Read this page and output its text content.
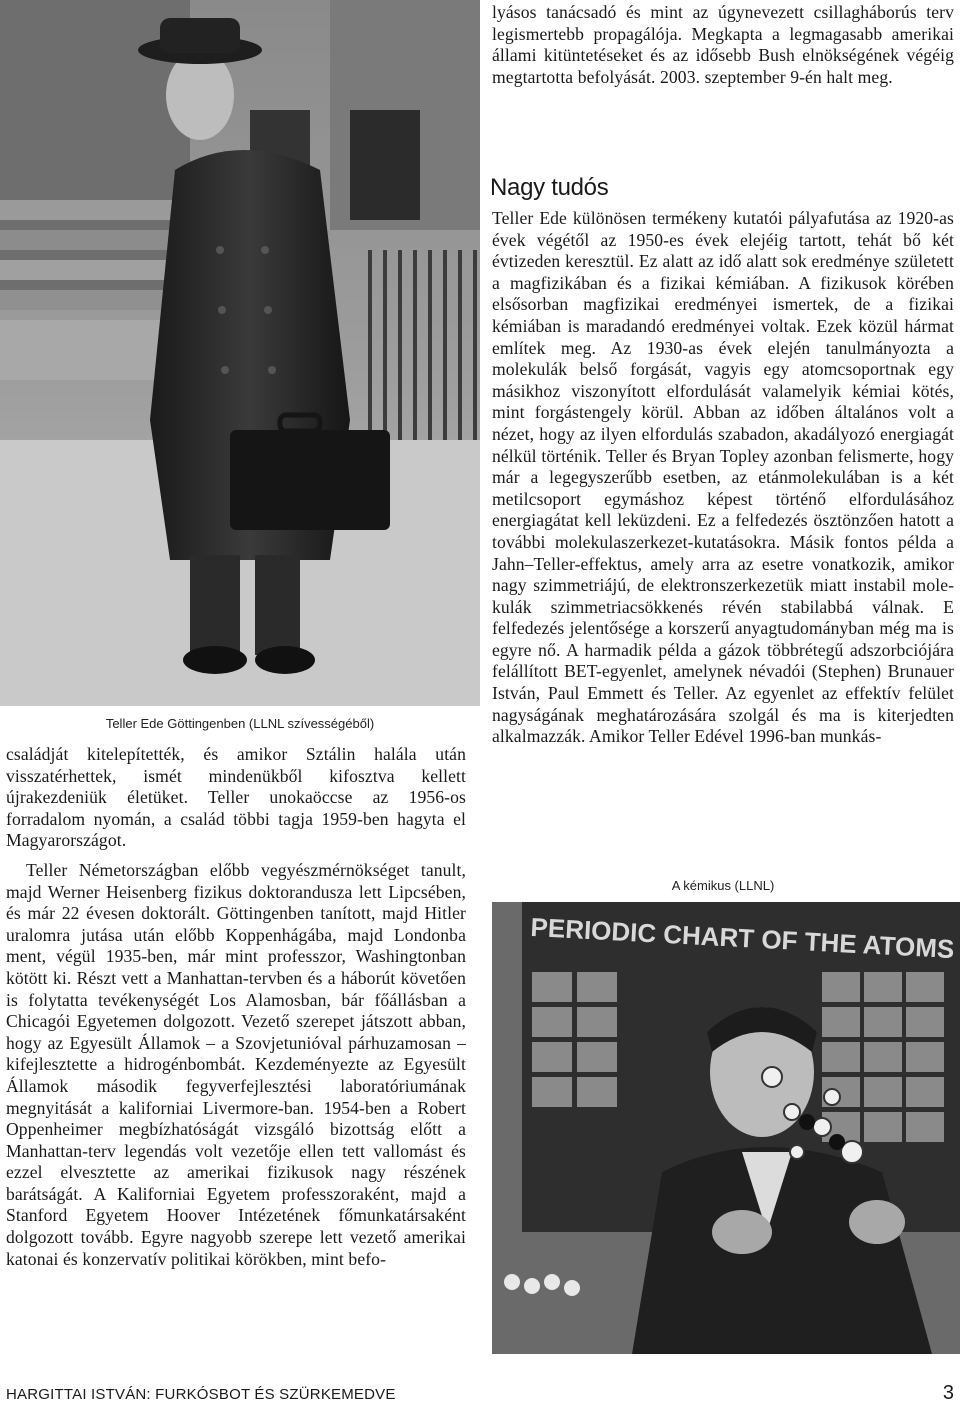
Teller Ede Göttingenben (LLNL szívességéből)

családját kitelepítették, és amikor Sztálin halála után visszatérhettek, ismét mindenükből kifosztva kellett újrakezdeniük életüket. Teller unokaöccse az 1956-os forradalom nyomán, a család többi tagja 1959-ben hagyta el Magyarországot.

Teller Németországban előbb vegyészmérnökséget tanult, majd Werner Heisenberg fizikus doktorandusza lett Lipcsében, és már 22 évesen doktorált. Göttingenben tanított, majd Hitler uralomra jutása után előbb Koppenhágába, majd Londonba ment, végül 1935-ben, már mint professzor, Washingtonban kötött ki. Részt vett a Manhattan-tervben és a háborút követően is folytatta tevékenységét Los Alamosban, bár főállásban a Chicagói Egyetemen dolgozott. Vezető szerepet játszott abban, hogy az Egyesült Államok – a Szovjetunióval párhuzamosan – kifejlesztette a hidrogénbombát. Kezdeményezte az Egyesült Államok második fegyverfejlesztési laboratóriumának megnyitását a kaliforniai Livermore-ban. 1954-ben a Robert Oppenheimer megbízhatóságát vizsgáló bizottság előtt a Manhattan-terv legendás volt vezetője ellen tett vallomást és ezzel elvesztette az amerikai fizikusok nagy részének barátságát. A Kaliforniai Egyetem professzoraként, majd a Stanford Egyetem Hoover Intézetének főmunkatársaként dolgozott tovább. Egyre nagyobb szerepe lett vezető amerikai katonai és konzervatív politikai körökben, mint befo-

lyásos tanácsadó és mint az úgynevezett csillagháborús terv legismertebb propagálója. Megkapta a legmagasabb amerikai állami kitüntetéseket és az idősebb Bush elnökségének végéig megtartotta befolyását. 2003. szeptember 9-én halt meg.

Nagy tudós

Teller Ede különösen termékeny kutatói pályafutása az 1920-as évek végétől az 1950-es évek elejéig tartott, tehát bő két évtizeden keresztül. Ez alatt az idő alatt sok eredménye született a magfizikában és a fizikai kémiában. A fizikusok körében elsősorban magfizikai eredményei ismertek, de a fizikai kémiában is maradandó eredményei voltak. Ezek közül hármat említek meg. Az 1930-as évek elején tanulmányozta a molekulák belső forgását, vagyis egy atomcsoportnak egy másikhoz viszonyított elfordulását valamelyik kémiai kötés, mint forgástengely körül. Abban az időben általános volt a nézet, hogy az ilyen elfordulás szabadon, akadályozó energiagát nélkül történik. Teller és Bryan Topley azonban felismerte, hogy már a legegyszerűbb esetben, az etánmolekulában is a két metilcsoport egymáshoz képest történő elfordulásához energiagátat kell leküzdeni. Ez a felfedezés ösztönzően hatott a további molekulaszerkezet-kutatásokra. Másik fontos példa a Jahn–Teller-effektus, amely arra az esetre vonatkozik, amikor nagy szimmetriájú, de elektronszerkezetük miatt instabil molekulák szimmetriacsökkenés révén stabilabbá válnak. E felfedezés jelentősége a korszerű anyagtudományban még ma is egyre nő. A harmadik példa a gázok többrétegű adszorbciójára felállított BET-egyenlet, amelynek névadói (Stephen) Brunauer István, Paul Emmett és Teller. Az egyenlet az effektív felület nagyságának meghatározására szolgál és ma is kiterjedten alkalmazzák. Amikor Teller Edével 1996-ban munkás-

A kémikus (LLNL)
PERIODIC CHART OF THE ATOMS
HARGITTAI ISTVÁN: FURKÓSBOT ÉS SZÜRKEMEDVE	3
